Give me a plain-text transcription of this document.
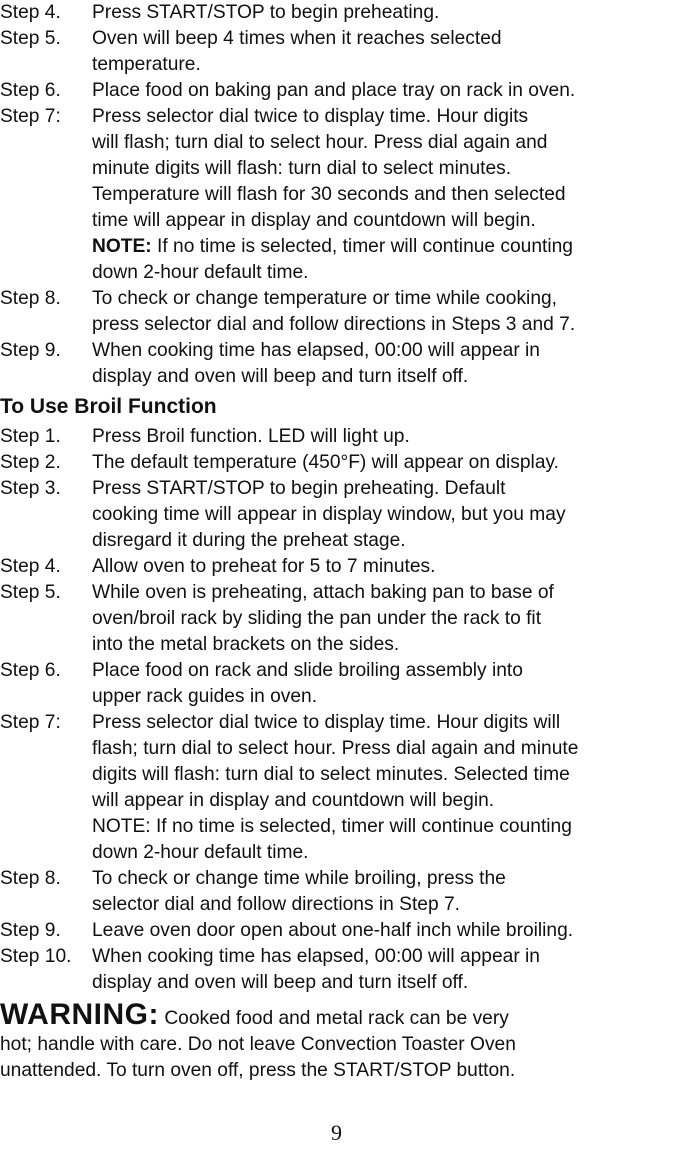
Step 4.	Press START/STOP to begin preheating.
Step 5.	Oven will beep 4 times when it reaches selected
temperature.
Step 6.	Place food on baking pan and place tray on rack in oven.
Step 7:	Press selector dial twice to display time. Hour digits
will flash; turn dial to select hour. Press dial again and
minute digits will flash: turn dial to select minutes.
Temperature will flash for 30 seconds and then selected
time will appear in display and countdown will begin.
NOTE: If no time is selected, timer will continue counting
down 2-hour default time.
Step 8.	To check or change temperature or time while cooking,
press selector dial and follow directions in Steps 3 and 7.
Step 9.	When cooking time has elapsed, 00:00 will appear in
display and oven will beep and turn itself off.
To Use Broil Function
Step 1.	Press Broil function. LED will light up.
Step 2.	The default temperature (450°F) will appear on display.
Step 3.	Press START/STOP to begin preheating. Default
cooking time will appear in display window, but you may
disregard it during the preheat stage.
Step 4.	Allow oven to preheat for 5 to 7 minutes.
Step 5.	While oven is preheating, attach baking pan to base of
oven/broil rack by sliding the pan under the rack to fit
into the metal brackets on the sides.
Step 6.	Place food on rack and slide broiling assembly into
upper rack guides in oven.
Step 7:	Press selector dial twice to display time. Hour digits will
flash; turn dial to select hour. Press dial again and minute
digits will flash: turn dial to select minutes. Selected time
will appear in display and countdown will begin.
NOTE: If no time is selected, timer will continue counting
down 2-hour default time.
Step 8.	To check or change time while broiling, press the
selector dial and follow directions in Step 7.
Step 9.	Leave oven door open about one-half inch while broiling.
Step 10.	When cooking time has elapsed, 00:00 will appear in
display and oven will beep and turn itself off.
WARNING: Cooked food and metal rack can be very
hot; handle with care. Do not leave Convection Toaster Oven
unattended. To turn oven off, press the START/STOP button.
9
